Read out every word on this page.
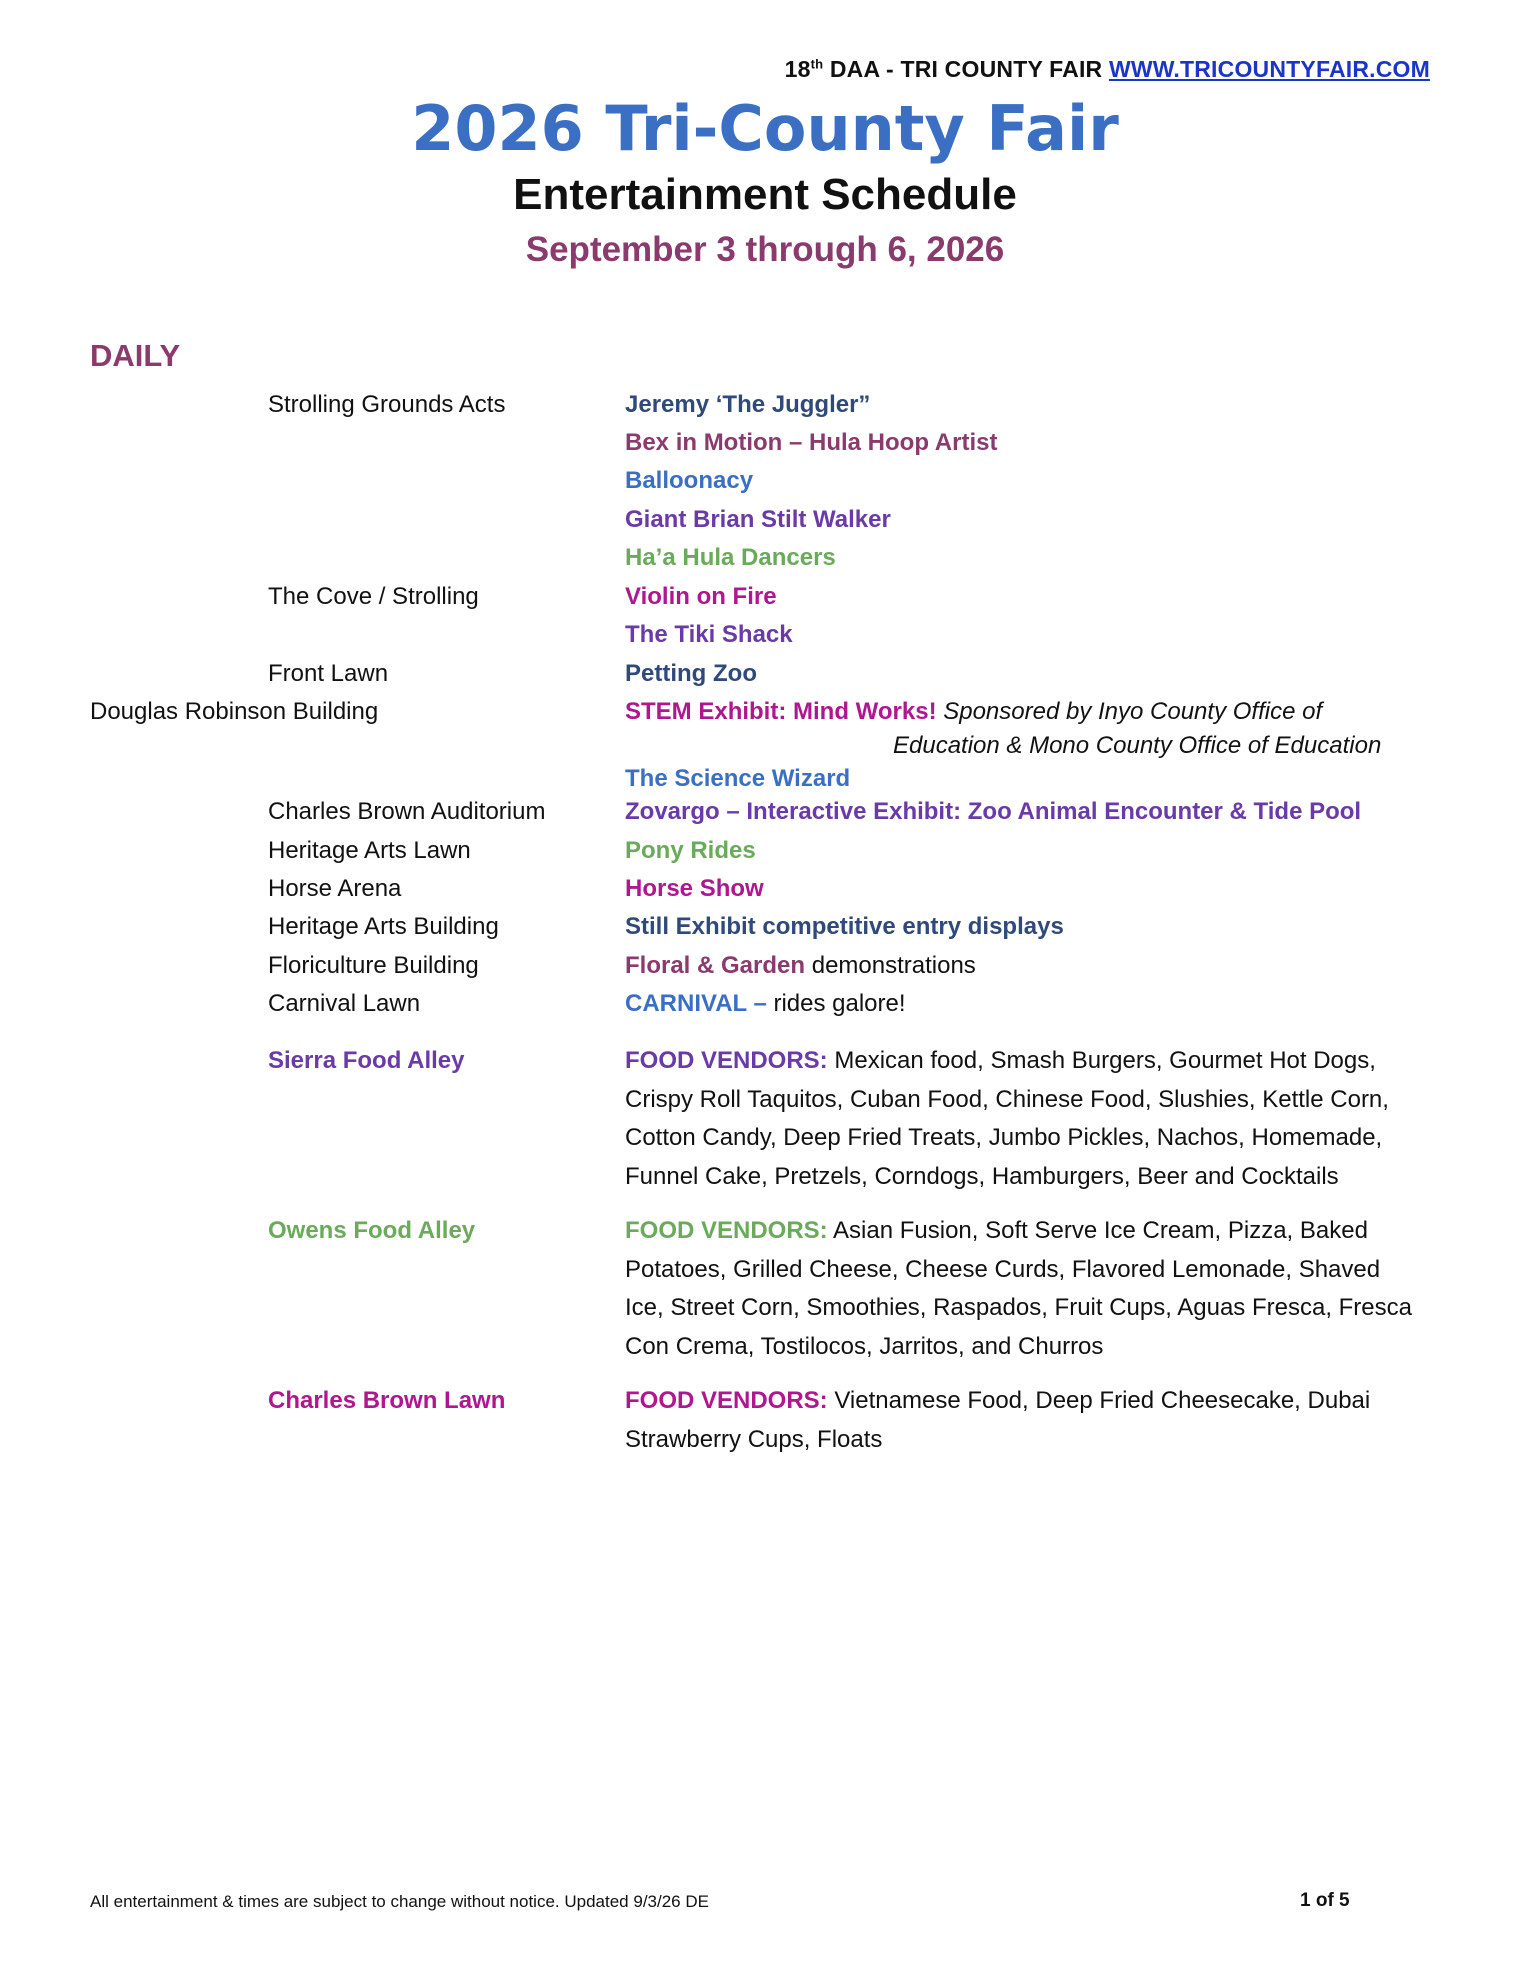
18th DAA - TRI COUNTY FAIR WWW.TRICOUNTYFAIR.COM
2026 Tri-County Fair
Entertainment Schedule
September 3 through 6, 2026
DAILY
Strolling Grounds Acts	Jeremy ‘The Juggler”
Bex in Motion – Hula Hoop Artist
Balloonacy
Giant Brian Stilt Walker
Ha’a Hula Dancers
The Cove / Strolling	Violin on Fire
The Tiki Shack
Front Lawn	Petting Zoo
Douglas Robinson Building	STEM Exhibit: Mind Works! Sponsored by Inyo County Office of
Education & Mono County Office of Education
The Science Wizard
Charles Brown Auditorium	Zovargo – Interactive Exhibit: Zoo Animal Encounter & Tide Pool
Heritage Arts Lawn	Pony Rides
Horse Arena	Horse Show
Heritage Arts Building	Still Exhibit competitive entry displays
Floriculture Building	Floral & Garden demonstrations
Carnival Lawn	CARNIVAL – rides galore!
Sierra Food Alley	FOOD VENDORS: Mexican food, Smash Burgers, Gourmet Hot Dogs, Crispy Roll Taquitos, Cuban Food, Chinese Food, Slushies, Kettle Corn, Cotton Candy, Deep Fried Treats, Jumbo Pickles, Nachos, Homemade, Funnel Cake, Pretzels, Corndogs, Hamburgers, Beer and Cocktails
Owens Food Alley	FOOD VENDORS: Asian Fusion, Soft Serve Ice Cream, Pizza, Baked Potatoes, Grilled Cheese, Cheese Curds, Flavored Lemonade, Shaved Ice, Street Corn, Smoothies, Raspados, Fruit Cups, Aguas Fresca, Fresca Con Crema, Tostilocos, Jarritos, and Churros
Charles Brown Lawn	FOOD VENDORS: Vietnamese Food, Deep Fried Cheesecake, Dubai Strawberry Cups, Floats
All entertainment & times are subject to change without notice. Updated 9/3/26 DE	1 of 5
